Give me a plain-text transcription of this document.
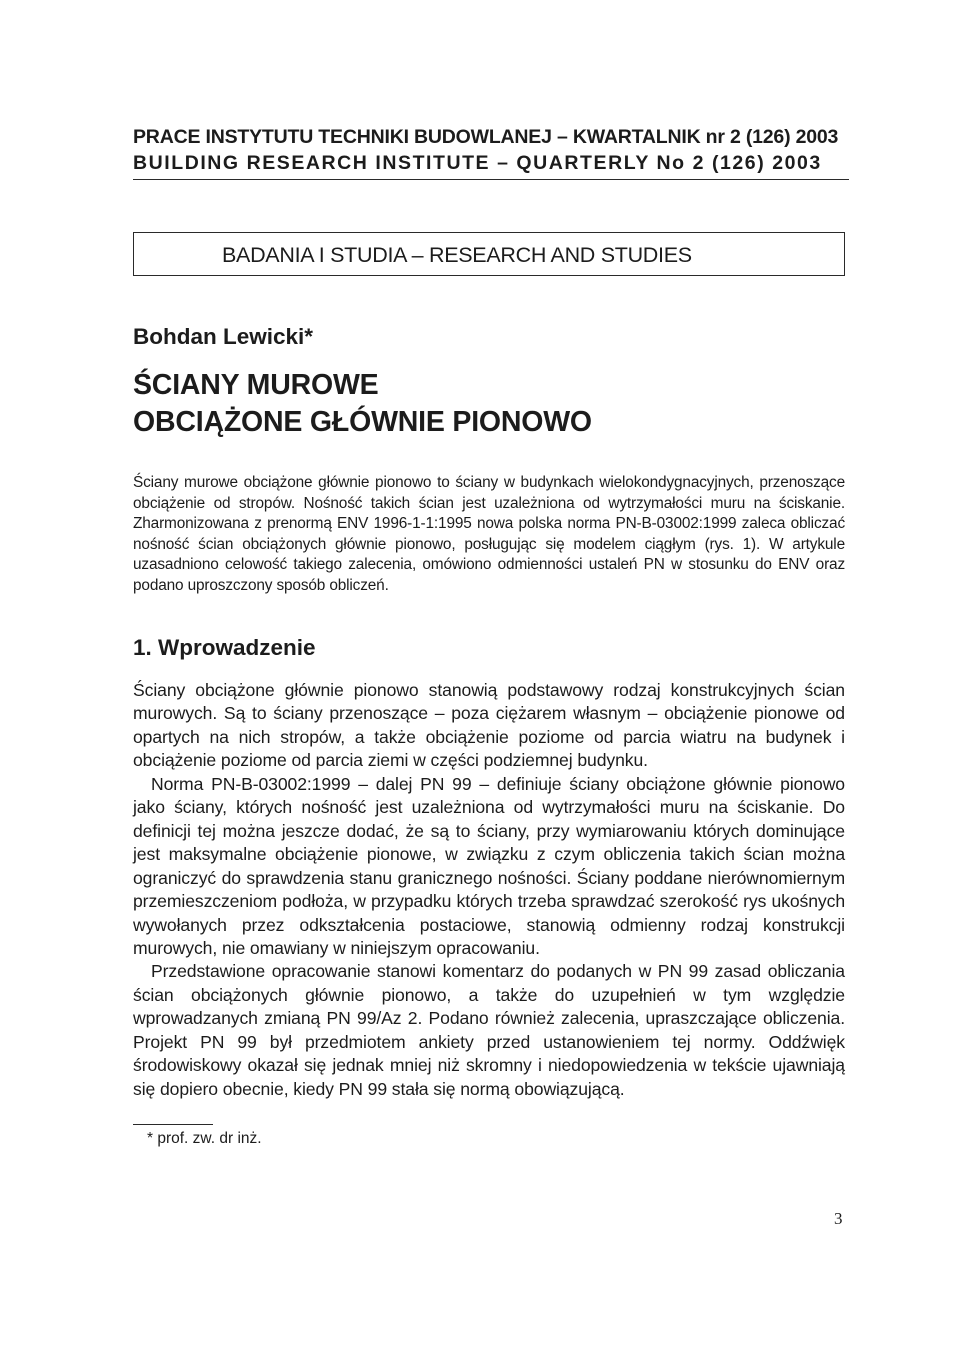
PRACE INSTYTUTU TECHNIKI BUDOWLANEJ – KWARTALNIK nr 2 (126) 2003
BUILDING RESEARCH INSTITUTE – QUARTERLY No 2 (126) 2003
BADANIA I STUDIA – RESEARCH AND STUDIES
Bohdan Lewicki*
ŚCIANY MUROWE
OBCIĄŻONE GŁÓWNIE PIONOWO
Ściany murowe obciążone głównie pionowo to ściany w budynkach wielokondygnacyjnych, przenoszące obciążenie od stropów. Nośność takich ścian jest uzależniona od wytrzymałości muru na ściskanie. Zharmonizowana z prenormą ENV 1996-1-1:1995 nowa polska norma PN-B-03002:1999 zaleca obliczać nośność ścian obciążonych głównie pionowo, posługując się modelem ciągłym (rys. 1). W artykule uzasadniono celowość takiego zalecenia, omówiono odmienności ustaleń PN w stosunku do ENV oraz podano uproszczony sposób obliczeń.
1. Wprowadzenie

Ściany obciążone głównie pionowo stanowią podstawowy rodzaj konstrukcyjnych ścian murowych. Są to ściany przenoszące – poza ciężarem własnym – obciążenie pionowe od opartych na nich stropów, a także obciążenie poziome od parcia wiatru na budynek i obciążenie poziome od parcia ziemi w części podziemnej budynku.

Norma PN-B-03002:1999 – dalej PN 99 – definiuje ściany obciążone głównie pionowo jako ściany, których nośność jest uzależniona od wytrzymałości muru na ściskanie. Do definicji tej można jeszcze dodać, że są to ściany, przy wymiarowaniu których dominujące jest maksymalne obciążenie pionowe, w związku z czym obliczenia takich ścian można ograniczyć do sprawdzenia stanu granicznego nośności. Ściany poddane nierównomiernym przemieszczeniom podłoża, w przypadku których trzeba sprawdzać szerokość rys ukośnych wywołanych przez odkształcenia postaciowe, stanowią odmienny rodzaj konstrukcji murowych, nie omawiany w niniejszym opracowaniu.

Przedstawione opracowanie stanowi komentarz do podanych w PN 99 zasad obliczania ścian obciążonych głównie pionowo, a także do uzupełnień w tym względzie wprowadzanych zmianą PN 99/Az 2. Podano również zalecenia, upraszczające obliczenia. Projekt PN 99 był przedmiotem ankiety przed ustanowieniem tej normy. Oddźwięk środowiskowy okazał się jednak mniej niż skromny i niedopowiedzenia w tekście ujawniają się dopiero obecnie, kiedy PN 99 stała się normą obowiązującą.

* prof. zw. dr inż.
3
